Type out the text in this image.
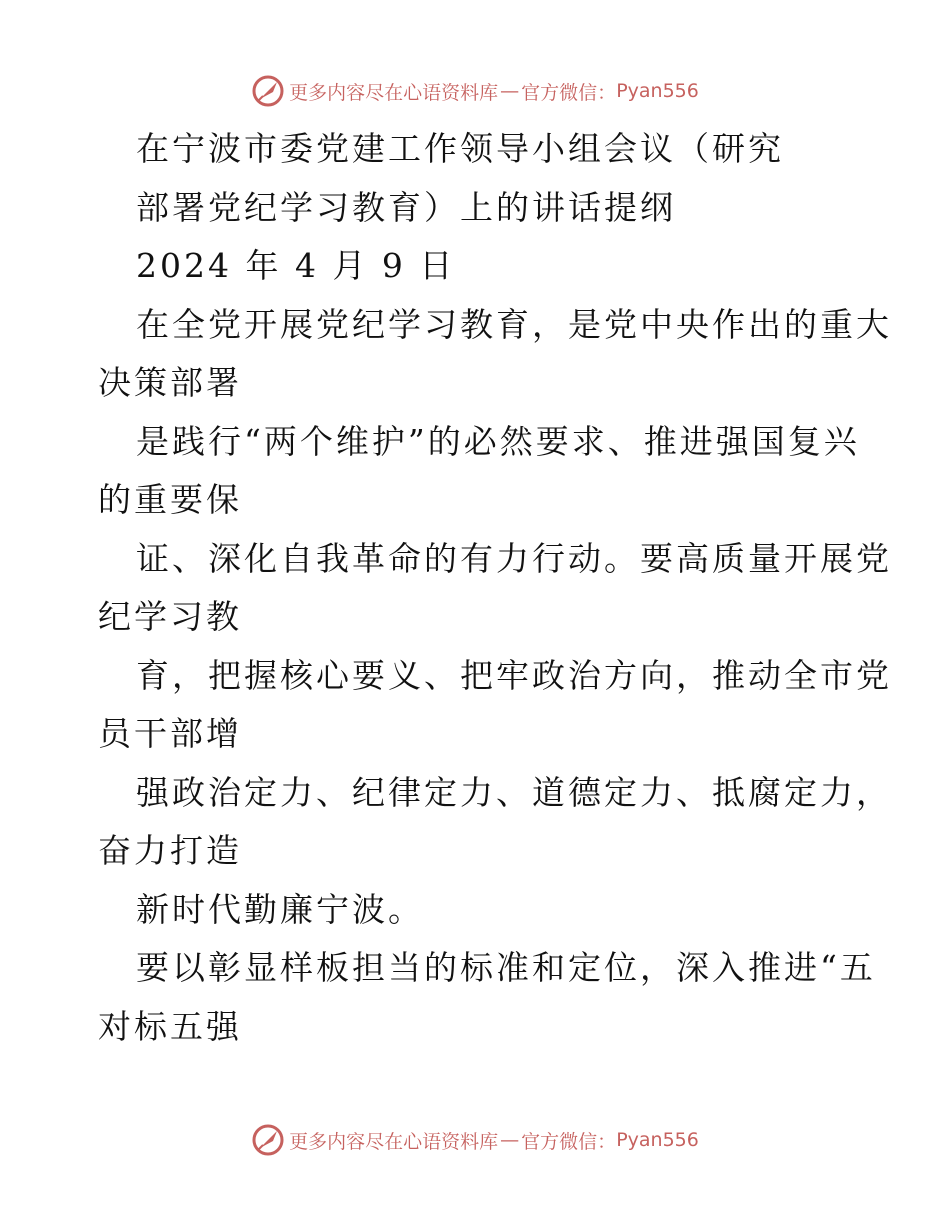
更多内容尽在心语资料库 — 官方微信： Pyan556
在宁波市委党建工作领导小组会议（研究
部署党纪学习教育）上的讲话提纲
2024 年 4 月 9 日
在全党开展党纪学习教育，是党中央作出的重大
决策部署
是践行“两个维护”的必然要求、推进强国复兴
的重要保
证、深化自我革命的有力行动。要高质量开展党
纪学习教
育，把握核心要义、把牢政治方向，推动全市党
员干部增
强政治定力、纪律定力、道德定力、抵腐定力，
奋力打造
新时代勤廉宁波。
要以彰显样板担当的标准和定位，深入推进“五
对标五强
更多内容尽在心语资料库 — 官方微信： Pyan556
